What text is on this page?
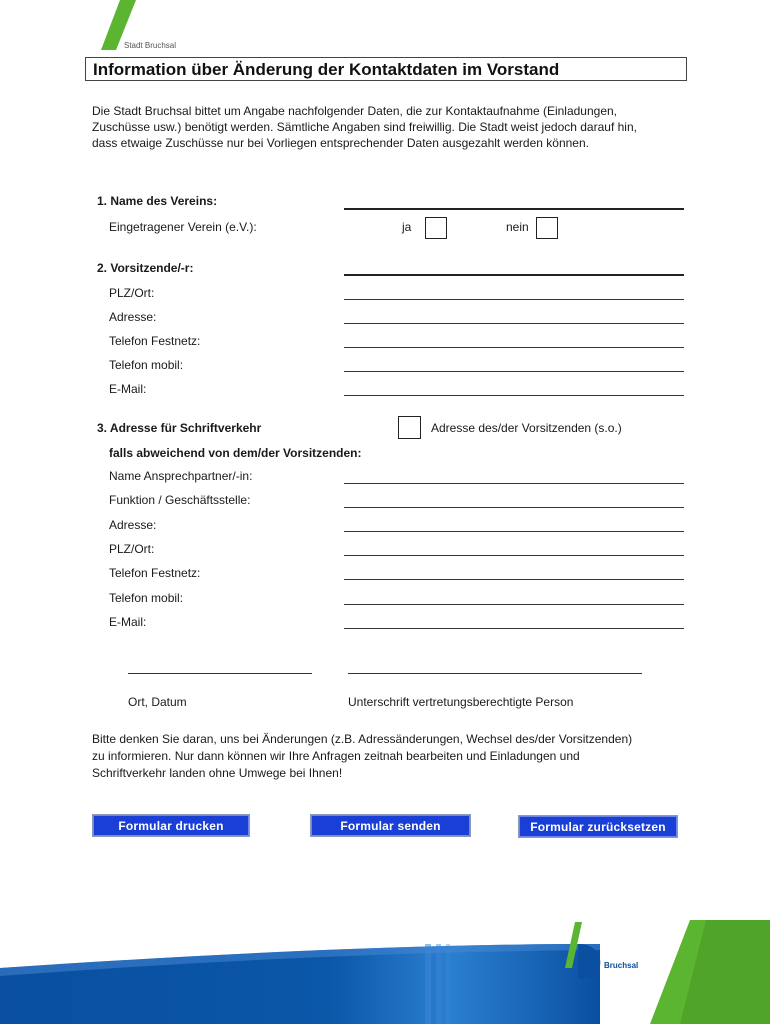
Stadt Bruchsal
Information über Änderung der Kontaktdaten im Vorstand
Die Stadt Bruchsal bittet um Angabe nachfolgender Daten, die zur Kontaktaufnahme (Einladungen,
Zuschüsse usw.) benötigt werden. Sämtliche Angaben sind freiwillig. Die Stadt weist jedoch darauf hin,
dass etwaige Zuschüsse nur bei Vorliegen entsprechender Daten ausgezahlt werden können.
1. Name des Vereins:
Eingetragener Verein (e.V.):	ja	nein
2. Vorsitzende/-r:
PLZ/Ort:
Adresse:
Telefon Festnetz:
Telefon mobil:
E-Mail:
3. Adresse für Schriftverkehr	Adresse des/der Vorsitzenden (s.o.)
falls abweichend von dem/der Vorsitzenden:
Name Ansprechpartner/-in:
Funktion / Geschäftsstelle:
Adresse:
PLZ/Ort:
Telefon Festnetz:
Telefon mobil:
E-Mail:
Ort, Datum	Unterschrift vertretungsberechtigte Person
Bitte denken Sie daran, uns bei Änderungen (z.B. Adressänderungen, Wechsel des/der Vorsitzenden)
zu informieren. Nur dann können wir Ihre Anfragen zeitnah bearbeiten und Einladungen und
Schriftverkehr landen ohne Umwege bei Ihnen!
Formular drucken	Formular senden	Formular zurücksetzen
Bruchsal
